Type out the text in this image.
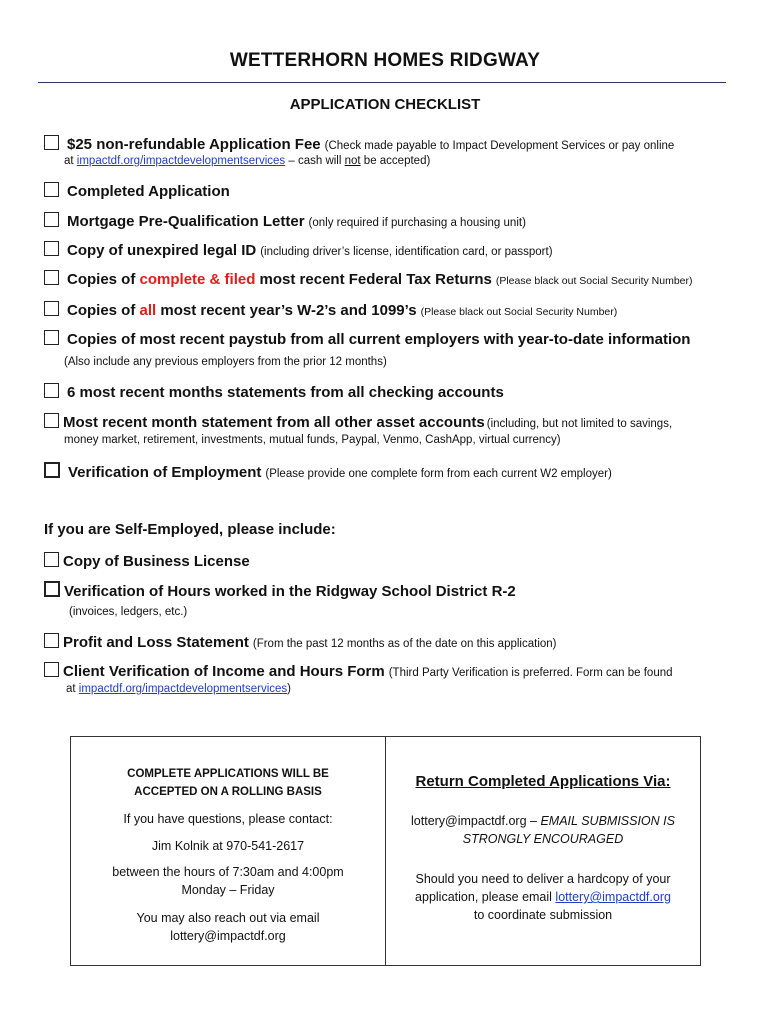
WETTERHORN HOMES RIDGWAY
APPLICATION CHECKLIST
$25 non-refundable Application Fee (Check made payable to Impact Development Services or pay online
at impactdf.org/impactdevelopmentservices – cash will not be accepted)
Completed Application
Mortgage Pre-Qualification Letter (only required if purchasing a housing unit)
Copy of unexpired legal ID (including driver’s license, identification card, or passport)
Copies of complete & filed most recent Federal Tax Returns (Please black out Social Security Number)
Copies of all most recent year’s W-2’s and 1099’s (Please black out Social Security Number)
Copies of most recent paystub from all current employers with year-to-date information
(Also include any previous employers from the prior 12 months)
6 most recent months statements from all checking accounts
Most recent month statement from all other asset accounts (including, but not limited to savings,
money market, retirement, investments, mutual funds, Paypal, Venmo, CashApp, virtual currency)
Verification of Employment (Please provide one complete form from each current W2 employer)
If you are Self-Employed, please include:
Copy of Business License
Verification of Hours worked in the Ridgway School District R-2
(invoices, ledgers, etc.)
Profit and Loss Statement (From the past 12 months as of the date on this application)
Client Verification of Income and Hours Form (Third Party Verification is preferred. Form can be found
at impactdf.org/impactdevelopmentservices)

COMPLETE APPLICATIONS WILL BE
ACCEPTED ON A ROLLING BASIS

If you have questions, please contact:

Jim Kolnik at 970-541-2617

between the hours of 7:30am and 4:00pm
Monday – Friday

You may also reach out via email
lottery@impactdf.org

Return Completed Applications Via:

lottery@impactdf.org – EMAIL SUBMISSION IS
STRONGLY ENCOURAGED

Should you need to deliver a hardcopy of your
application, please email lottery@impactdf.org
to coordinate submission
